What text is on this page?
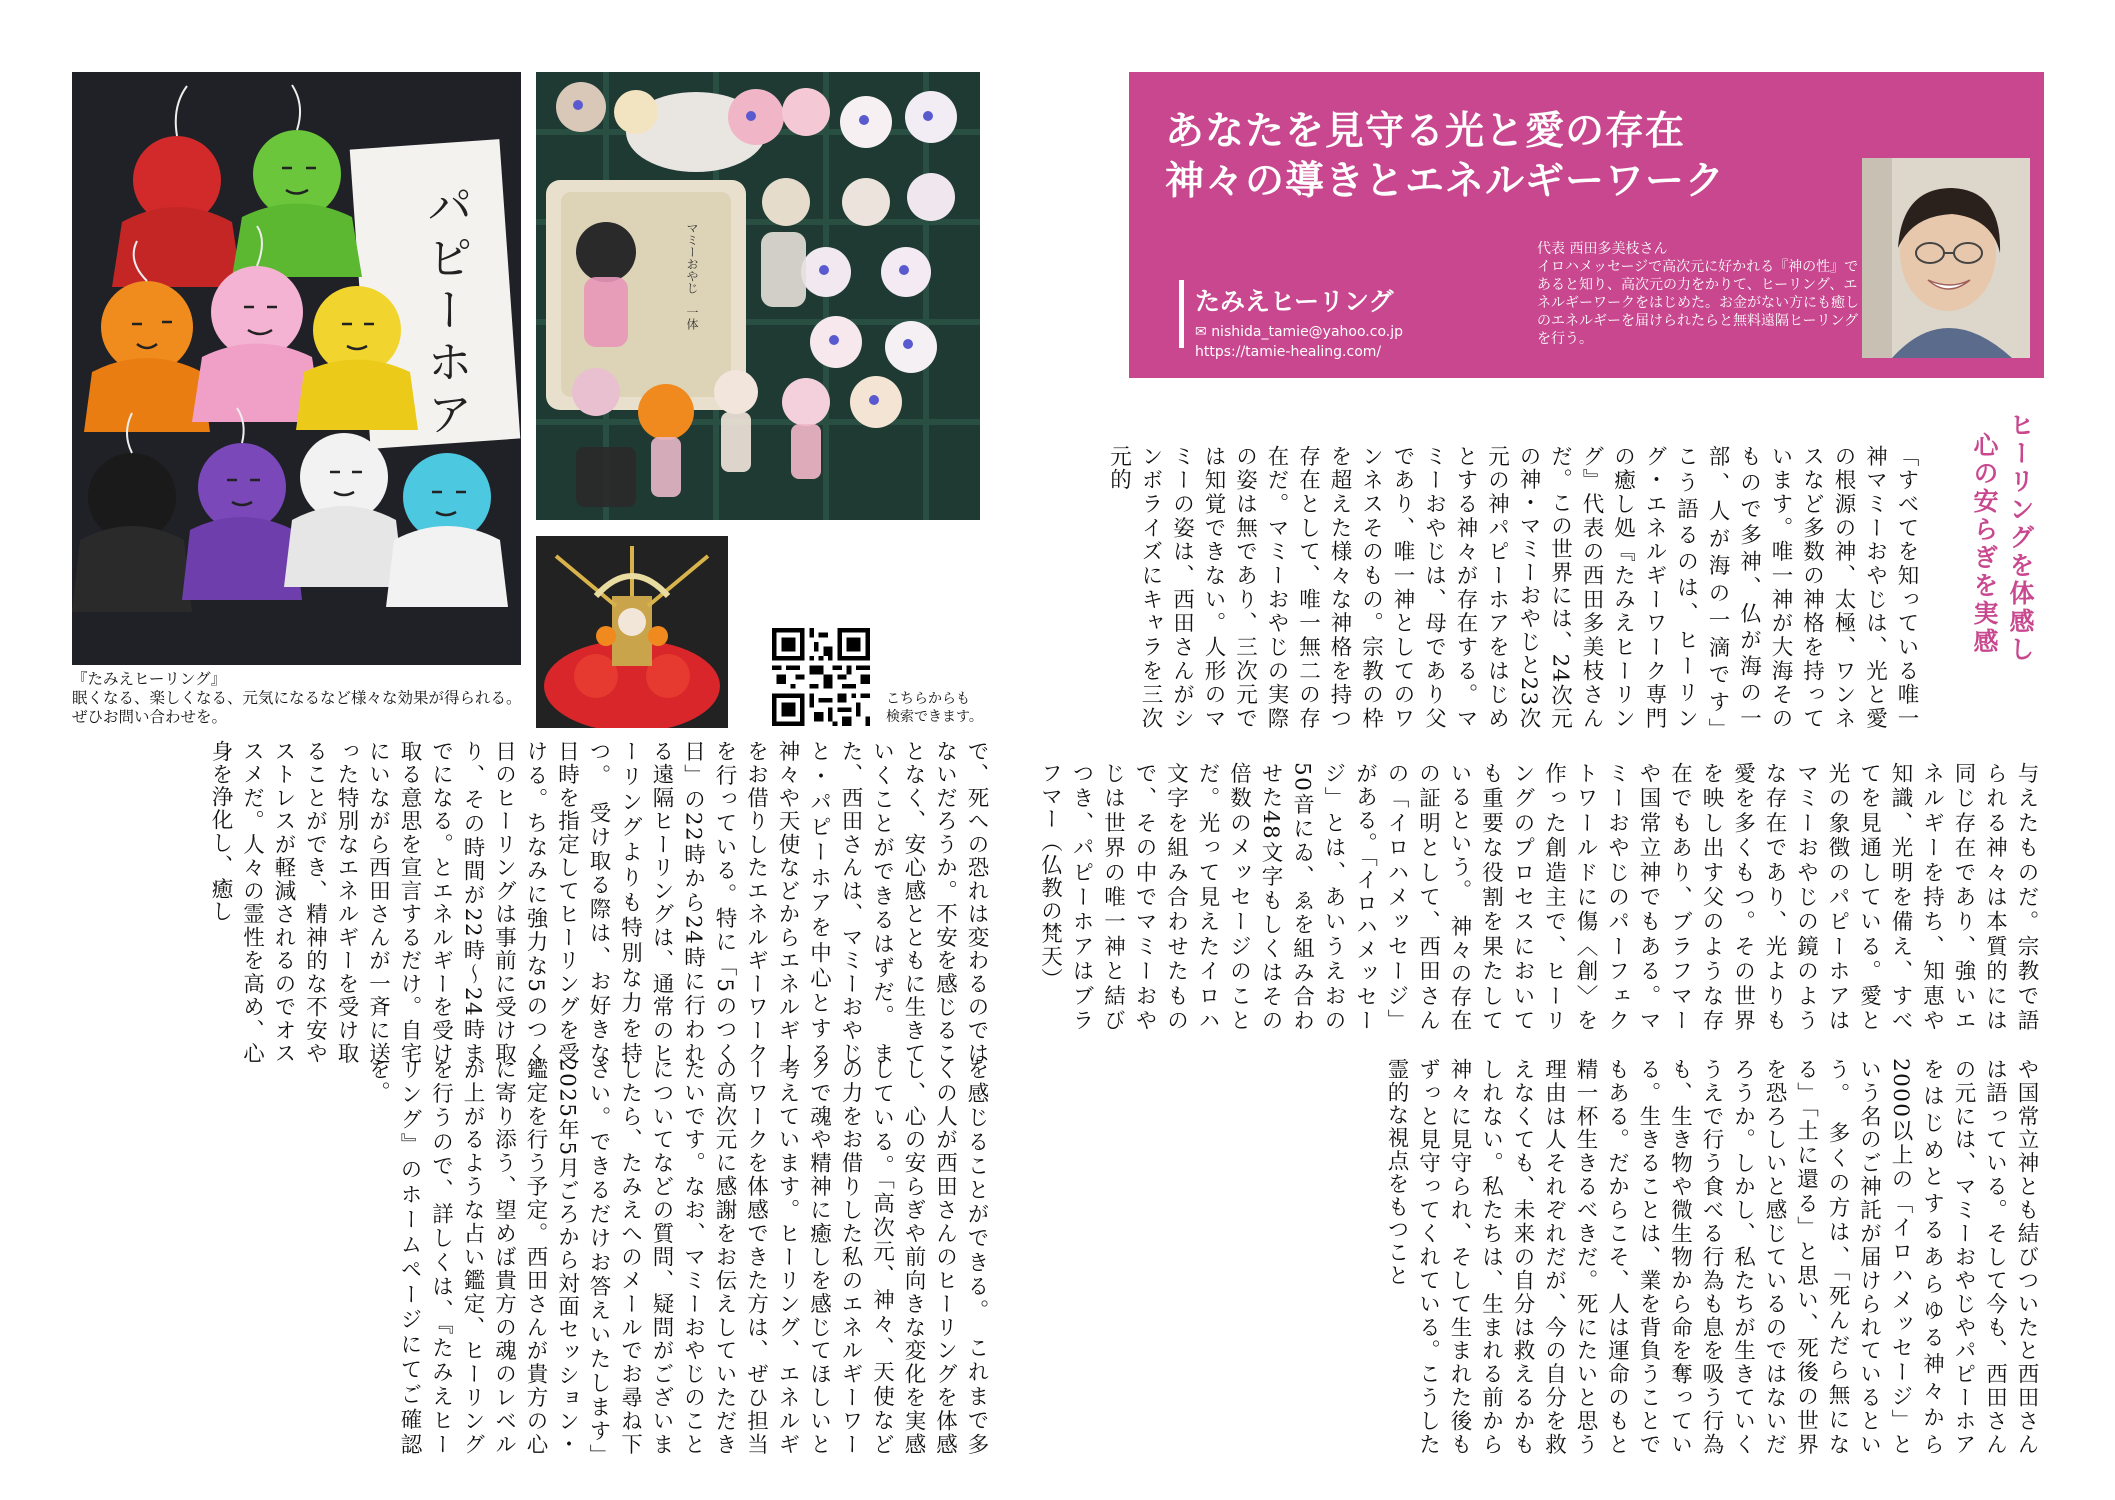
パピーホア	マミーおやじ　一体
こちらからも
検索できます。
『たみえヒーリング』
眠くなる、楽しくなる、元気になるなど様々な効果が得られる。
ぜひお問い合わせを。
あなたを見守る光と愛の存在
神々の導きとエネルギーワーク
たみえヒーリング
✉ nishida_tamie@yahoo.co.jp
https://tamie-healing.com/
代表 西田多美枝さん
イロハメッセージで高次元に好かれる『神の性』であると知り、高次元の力をかりて、ヒーリング、エネルギーワークをはじめた。お金がない方にも癒しのエネルギーを届けられたらと無料遠隔ヒーリングを行う。
ヒーリングを体感し
心の安らぎを実感
「すべてを知っている唯一神マミーおやじは、光と愛の根源の神、太極、ワンネスなど多数の神格を持っています。唯一神が大海そのもので多神、仏が海の一部、人が海の一滴です」　こう語るのは、ヒーリング・エネルギーワーク専門の癒し処『たみえヒーリング』代表の西田多美枝さんだ。この世界には、24次元の神・マミーおやじと23次元の神パピーホアをはじめとする神々が存在する。マミーおやじは、母であり父であり、唯一神としてのワンネスそのもの。宗教の枠を超えた様々な神格を持つ存在として、唯一無二の存在だ。マミーおやじの実際の姿は無であり、三次元では知覚できない。人形のマミーの姿は、西田さんがシンボライズにキャラを三次元的
与えたものだ。宗教で語られる神々は本質的には同じ存在であり、強いエネルギーを持ち、知恵や知識、光明を備え、すべてを見通している。愛と光の象徴のパピーホアはマミーおやじの鏡のような存在であり、光よりも愛を多くもつ。その世界を映し出す父のような存在でもあり、ブラフマーや国常立神でもある。マミーおやじのパーフェクトワールドに傷〈創〉を作った創造主で、ヒーリングのプロセスにおいても重要な役割を果たしているという。　神々の存在の証明として、西田さんの「イロハメッセージ」がある。「イロハメッセージ」とは、あいうえおの50音にゐ、ゑを組み合わせた48文字もしくはその倍数のメッセージのことだ。光って見えたイロハ文字を組み合わせたもので、その中でマミーおやじは世界の唯一神と結びつき、パピーホアはブラフマー（仏教の梵天）
や国常立神とも結びついたと西田さんは語っている。そして今も、西田さんの元には、マミーおやじやパピーホアをはじめとするあらゆる神々から2000以上の「イロハメッセージ」という名のご神託が届けられているという。　多くの方は、「死んだら無になる」「土に還る」と思い、死後の世界を恐ろしいと感じているのではないだろうか。しかし、私たちが生きていくうえで行う食べる行為も息を吸う行為も、生き物や微生物から命を奪っている。生きることは、業を背負うことでもある。だからこそ、人は運命のもと精一杯生きるべきだ。死にたいと思う理由は人それぞれだが、今の自分を救えなくても、未来の自分は救えるかもしれない。私たちは、生まれる前から神々に見守られ、そして生まれた後もずっと見守ってくれている。こうした霊的な視点をもつこと
で、死への恐れは変わるのではないだろうか。不安を感じることなく、安心感とともに生きていくことができるはずだ。　また、西田さんは、マミーおやじと・パピーホアを中心とする神々や天使などからエネルギーをお借りしたエネルギーワークを行っている。特に「5のつく日」の22時から24時に行われる遠隔ヒーリングは、通常のヒーリングよりも特別な力を持つ。　受け取る際は、お好きな日時を指定してヒーリングを受ける。ちなみに強力な5のつく日のヒーリングは事前に受け取り、その時間が22時～24時までになる。とエネルギーを受け取る意思を宣言するだけ。自宅にいながら西田さんが一斉に送った特別なエネルギーを受け取ることができ、精神的な不安やストレスが軽減されるのでオススメだ。人々の霊性を高め、心身を浄化し、癒し
を感じることができる。　これまで多くの人が西田さんのヒーリングを体感し、心の安らぎや前向きな変化を実感している。「高次元、神々、天使などの力をお借りした私のエネルギーワークで魂や精神に癒しを感じてほしいと考えています。ヒーリング、エネルギーワークを体感できた方は、ぜひ担当の高次元に感謝をお伝えしていただきたいです。なお、マミーおやじのことについてなどの質問、疑問がございましたら、たみえへのメールでお尋ね下さい。できるだけお答えいたします」　2025年5月ごろから対面セッション・鑑定を行う予定。西田さんが貴方の心に寄り添う、望めば貴方の魂のレベルが上がるような占い鑑定、ヒーリングを行うので、詳しくは、『たみえヒーリング』のホームページにてご確認を。
